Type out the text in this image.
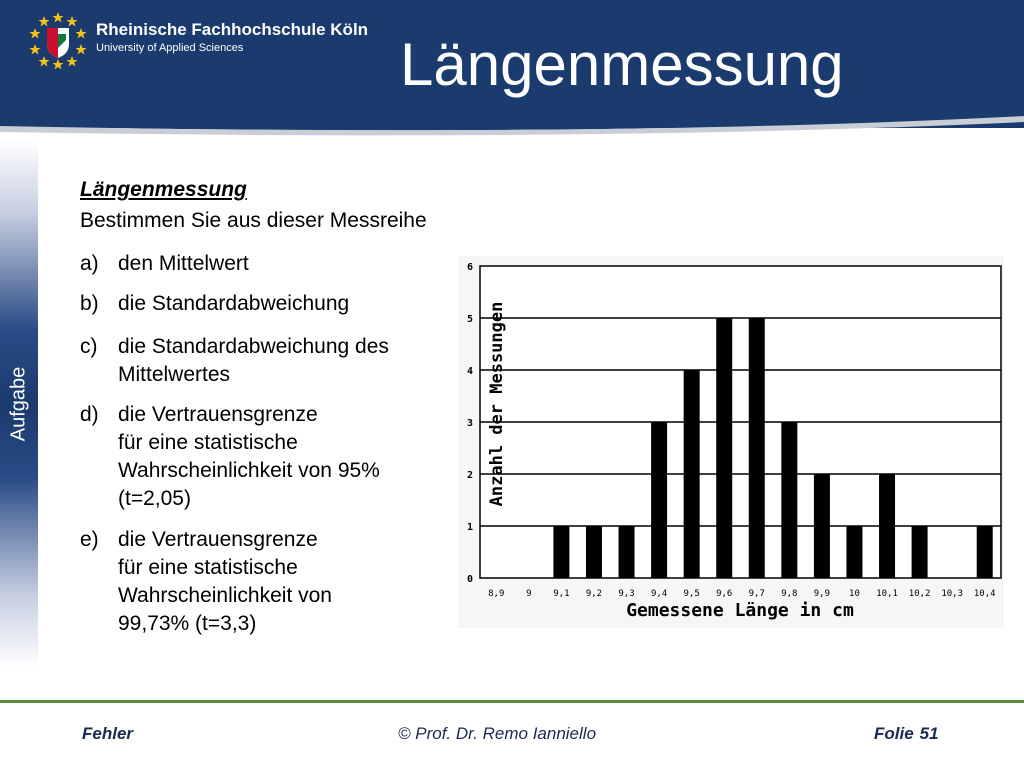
Rheinische Fachhochschule Köln
University of Applied Sciences	Längenmessung
Aufgabe
Längenmessung
Bestimmen Sie aus dieser Messreihe
a) den Mittelwert
b) die Standardabweichung
c) die Standardabweichung des
Mittelwertes
d) die Vertrauensgrenze
für eine statistische
Wahrscheinlichkeit von 95%
(t=2,05)
e) die Vertrauensgrenze
für eine statistische
Wahrscheinlichkeit von
99,73% (t=3,3)
0
1
2
3
4
5
6
8,9 9 9,1 9,2 9,3 9,4 9,5 9,6 9,7 9,8 9,9 10 10,1 10,2 10,3 10,4
Gemessene Länge in cm
Anzahl der Messungen
Fehler	© Prof. Dr. Remo Ianniello	Folie 51
